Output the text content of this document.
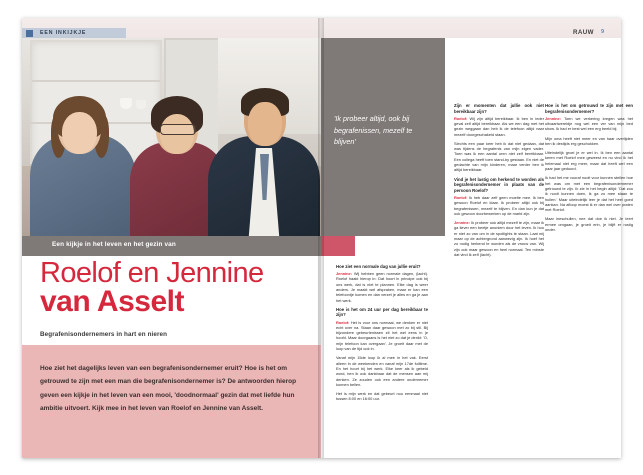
EEN INKIJKJE	RAUW 9
'Ik probeer altijd, ook bij begrafenissen, mezelf te blijven'
Een kijkje in het leven en het gezin van
Roelof en Jennine
van Asselt
Begrafenisondernemers in hart en nieren
Hoe ziet het dagelijks leven van een begrafenisondernemer eruit? Hoe is het om getrouwd te zijn met een man die begrafenisondernemer is? De antwoorden hierop geven een kijkje in het leven van een mooi, 'doodnormaal' gezin dat met liefde hun ambitie uitvoert. Kijk mee in het leven van Roelof en Jennine van Asselt.
Hoe ziet een normale dag van jullie eruit?

Jennine: Wij hebben geen normale dagen, (lacht). Roelof haakt hierop in: Dat hoort in principe ook bij ons werk, dat is niet te plannen. Elke dag is weer anders. Je maakt wel afspraken, maar er kan een telefoontje komen en dan verzet je alles en ga je aan het werk.

Hoe is het om 24 uur per dag bereikbaar te zijn?

Roelof: Het is voor ons normaal, we denken er niet echt over na. Staan daar gewoon met zo bij stil. Bij bijzondere gebeurtenissen zit het wel eens in je hoofd. Maar doorgaans is het niet zo dat je denkt: 'O, mijn telefoon kan overgaan'. Je groeit daar met de loop van de tijd ook in.

Vanaf mijn 15de loop ik al mee in het vak. Eerst alleen in de weekenden en vanaf mijn 17de fulltime. En het hoort bij het werk. Elke keer als ik gebeld word, ben ik ook dankbaar dat de mensen aan mij denken. Ze zouden ook een andere ondernemer kunnen bellen.

Het is mijn werk en dat gebeurt nou eenmaal niet tussen 8:00 en 16:00 uur.

Zijn er momenten dat jullie ook niet bereikbaar zijn?

Roelof: Wij zijn altijd bereikbaar. Ik ben in ieder geval zelf altijd bereikbaar. Als we een dag met het gezin weggaan dan heb ik de telefoon altijd naar mezelf doorgeschakeld staan.

Slechts een paar keer heb ik dat niet gedaan, dat was tijdens de begrafenis van mijn eigen vader. Toen was ik een aantal uren niet zelf bereikbaar. Een collega heeft toen stand-by gestaan. En niet de gedachte van mijn kinderen, maar verder ben ik altijd bereikbaar.

Vind je het lastig om herkend te worden als begrafenisondernemer in plaats van de persoon Roelof?

Roelof: Ik heb daar zelf geen moeite mee. Ik ben gewoon Roelof en klaar. Ik probeer altijd ook bij begrafenissen, mezelf te blijven. En dan kun je dat ook gewoon doorbewerken op de markt zijn.

Jennine: Ik probeer ook altijd mezelf te zijn, maar ik ga liever een beetje anoniem door het leven. Ik hou er niet zo van om in de spotlights te staan. Laat mij maar op de achtergrond aanwezig zijn. Ik hoef het zo nodig herkend te worden als de vrouw van. Wij zijn ook maar gewoon en heel normaal. Ten minste dat vind ik zelf (lacht).

Hoe is het om getrouwd te zijn met een begrafenisondernemer?

Jennine: Toen we verkering kregen was het uitvaartwereldje nog wel een ver van mijn bed show. Ik had er best wel een erg beeld bij.

Mijn oma heeft niet meer en van haar overlijden ben ik destijds erg geschokken.

Uiteindelijk groei je er wel in. Ik ben een aantal keren met Roelof mee geweest en nu vind ik het helemaal niet erg meer, maar dat heeft wel een paar jaar geduurd.

Ik had het me vooraf nooit voor kunnen stellen hoe het was om met een begrafenisondernemer getrouwd te zijn. Ik zie in het begin altijd: 'Dat zou ik nooit kunnen doen, ik ga zo mee staan te huilen.' Maar uiteindelijk leer je dat het heel goed aankan. Na afloop moest ik er dan wel over praten met Roelof.

Maar ineschullen, nee dat doe ik niet. Je leert ermee omgaan, je groeit erin, je blijft er rustig onder.
